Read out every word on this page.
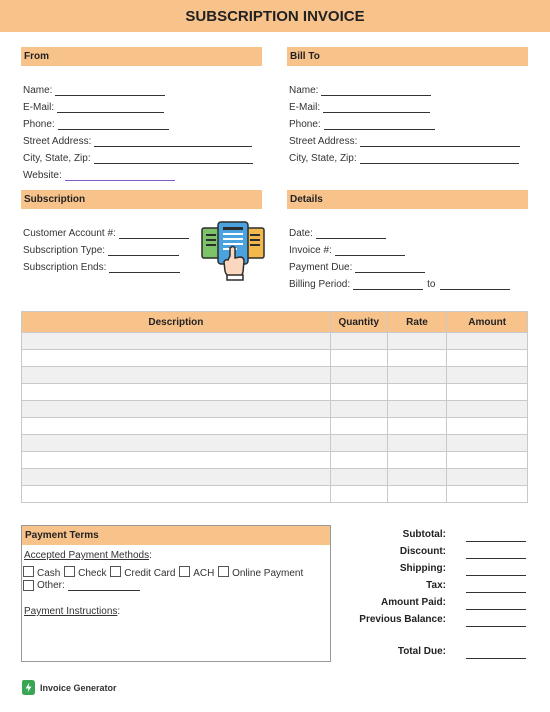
SUBSCRIPTION INVOICE
From
Name:
E-Mail:
Phone:
Street Address:
City, State, Zip:
Website:
Bill To
Name:
E-Mail:
Phone:
Street Address:
City, State, Zip:
Subscription
Customer Account #:
Subscription Type:
Subscription Ends:
Details
Date:
Invoice #:
Payment Due:
Billing Period:	to
Description	Quantity	Rate	Amount

Payment Terms
Accepted Payment Methods:
Cash Check Credit Card ACH Online Payment
Other:
Payment Instructions:
Subtotal:
Discount:
Shipping:
Tax:
Amount Paid:
Previous Balance:
Total Due:
Invoice Generator
